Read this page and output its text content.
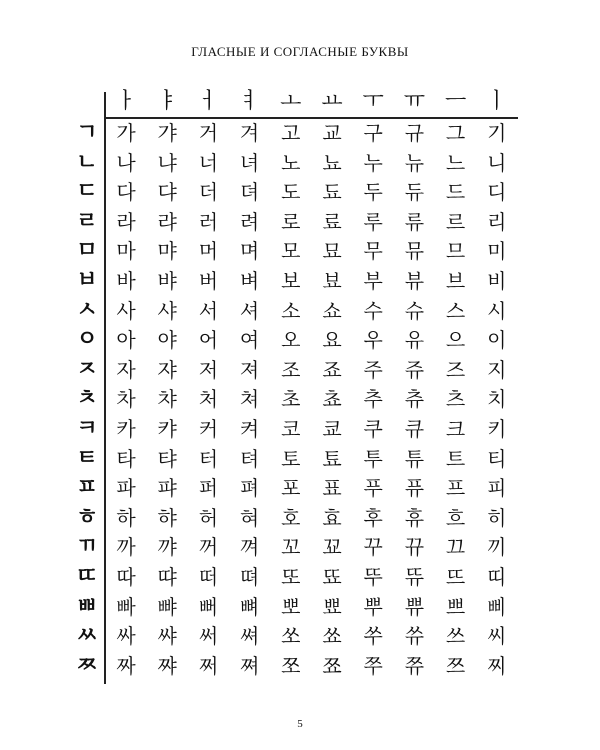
ГЛАСНЫЕ И СОГЛАСНЫЕ БУКВЫ
ㅏ ㅑ ㅓ ㅕ ㅗ ㅛ ㅜ ㅠ ㅡ ㅣ
ㄱ 가	갸	거	겨	고	교	구	규	그	기
ㄴ 나	냐	너	녀	노	뇨	누	뉴	느	니
ㄷ 다	댜	더	뎌	도	됴	두	듀	드	디
ㄹ 라	랴	러	려	로	료	루	류	르	리
ㅁ 마	먀	머	며	모	묘	무	뮤	므	미
ㅂ 바	뱌	버	벼	보	뵤	부	뷰	브	비
ㅅ 사	샤	서	셔	소	쇼	수	슈	스	시
ㅇ 아	야	어	여	오	요	우	유	으	이
ㅈ 자	쟈	저	져	조	죠	주	쥬	즈	지
ㅊ 차	챠	처	쳐	초	쵸	추	츄	츠	치
ㅋ 카	캬	커	켜	코	쿄	쿠	큐	크	키
ㅌ 타	탸	터	텨	토	툐	투	튜	트	티
ㅍ 파	퍄	퍼	펴	포	표	푸	퓨	프	피
ㅎ 하	햐	허	혀	호	효	후	휴	흐	히
ㄲ 까	꺄	꺼	껴	꼬	꾜	꾸	뀨	끄	끼
ㄸ 따	땨	떠	뗘	또	뚀	뚜	뜌	뜨	띠
ㅃ 빠	뺘	뻐	뼈	뽀	뾰	뿌	쀼	쁘	삐
ㅆ 싸	쌰	써	쎠	쏘	쑈	쑤	쓔	쓰	씨
ㅉ 짜	쨔	쩌	쪄	쪼	쬬	쭈	쮸	쯔	찌
5
